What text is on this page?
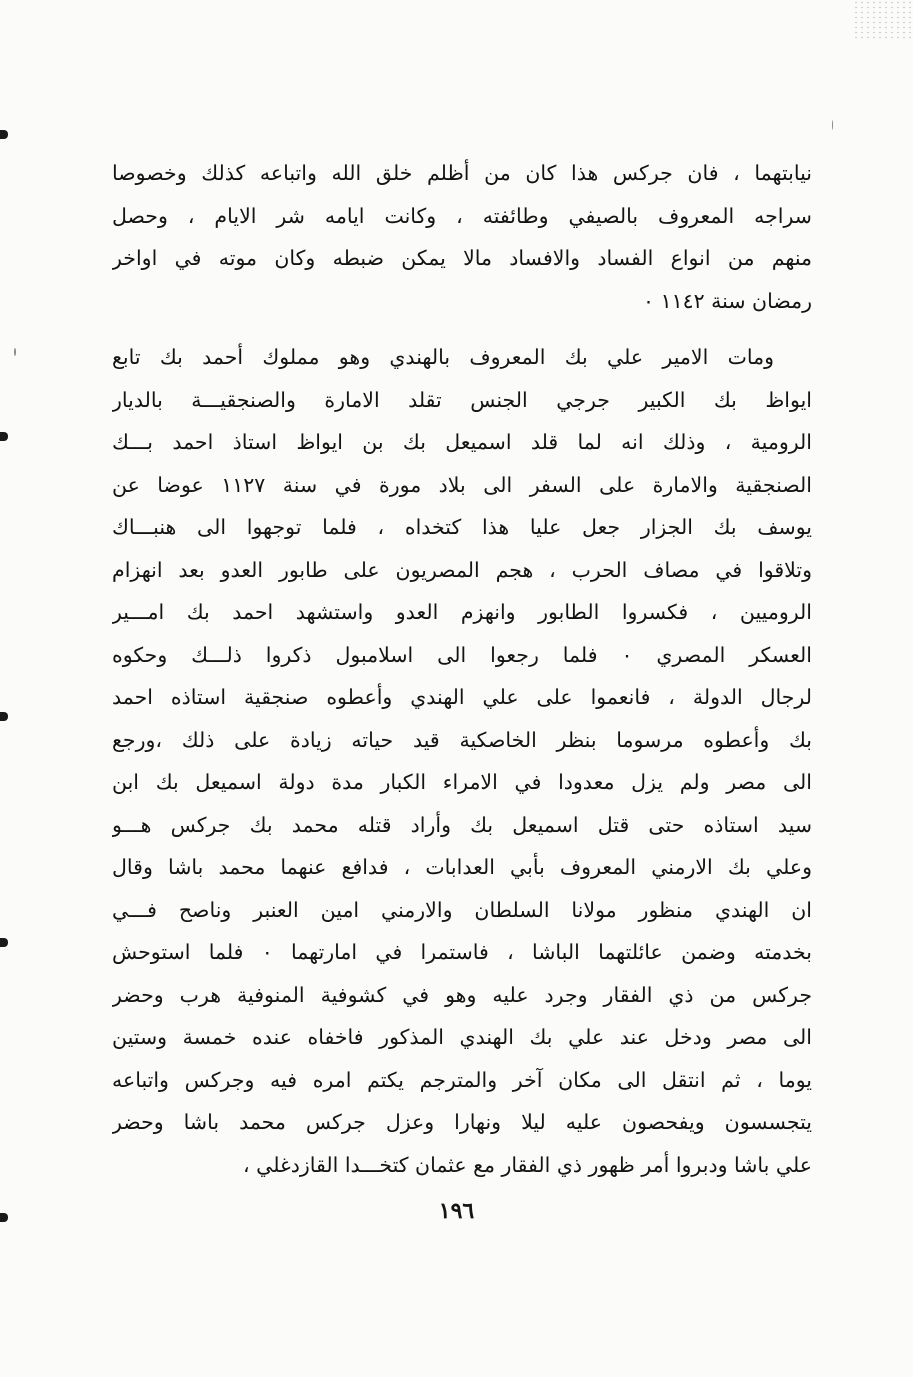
نيابتهما ، فان جركس هذا كان من أظلم خلق الله واتباعه كذلك وخصوصا
سراجه المعروف بالصيفي وطائفته ، وكانت ايامه شر الايام ، وحصل
منهم من انواع الفساد والافساد مالا يمكن ضبطه وكان موته في اواخر
رمضان سنة ١١٤٢ ٠
ومات الامير علي بك المعروف بالهندي وهو مملوك أحمد بك تابع
ايواظ بك الكبير جرجي الجنس تقلد الامارة والصنجقيـــة بالديار
الرومية ، وذلك انه لما قلد اسميعل بك بن ايواظ استاذ احمد بـــك
الصنجقية والامارة على السفر الى بلاد مورة في سنة ١١٢٧ عوضا عن
يوسف بك الجزار جعل عليا هذا كتخداه ، فلما توجهوا الى هنبـــاك
وتلاقوا في مصاف الحرب ، هجم المصريون على طابور العدو بعد انهزام
الروميين ، فكسروا الطابور وانهزم العدو واستشهد احمد بك امـــير
العسكر المصري ٠ فلما رجعوا الى اسلامبول ذكروا ذلـــك وحكوه
لرجال الدولة ، فانعموا على علي الهندي وأعطوه صنجقية استاذه احمد
بك وأعطوه مرسوما بنظر الخاصكية قيد حياته زيادة على ذلك ،ورجع
الى مصر ولم يزل معدودا في الامراء الكبار مدة دولة اسميعل بك ابن
سيد استاذه حتى قتل اسميعل بك وأراد قتله محمد بك جركس هـــو
وعلي بك الارمني المعروف بأبي العدابات ، فدافع عنهما محمد باشا وقال
ان الهندي منظور مولانا السلطان والارمني امين العنبر وناصح فـــي
بخدمته وضمن عائلتهما الباشا ، فاستمرا في امارتهما ٠ فلما استوحش
جركس من ذي الفقار وجرد عليه وهو في كشوفية المنوفية هرب وحضر
الى مصر ودخل عند علي بك الهندي المذكور فاخفاه عنده خمسة وستين
يوما ، ثم انتقل الى مكان آخر والمترجم يكتم امره فيه وجركس واتباعه
يتجسسون ويفحصون عليه ليلا ونهارا وعزل جركس محمد باشا وحضر
علي باشا ودبروا أمر ظهور ذي الفقار مع عثمان كتخـــدا القازدغلي ،
١٩٦
